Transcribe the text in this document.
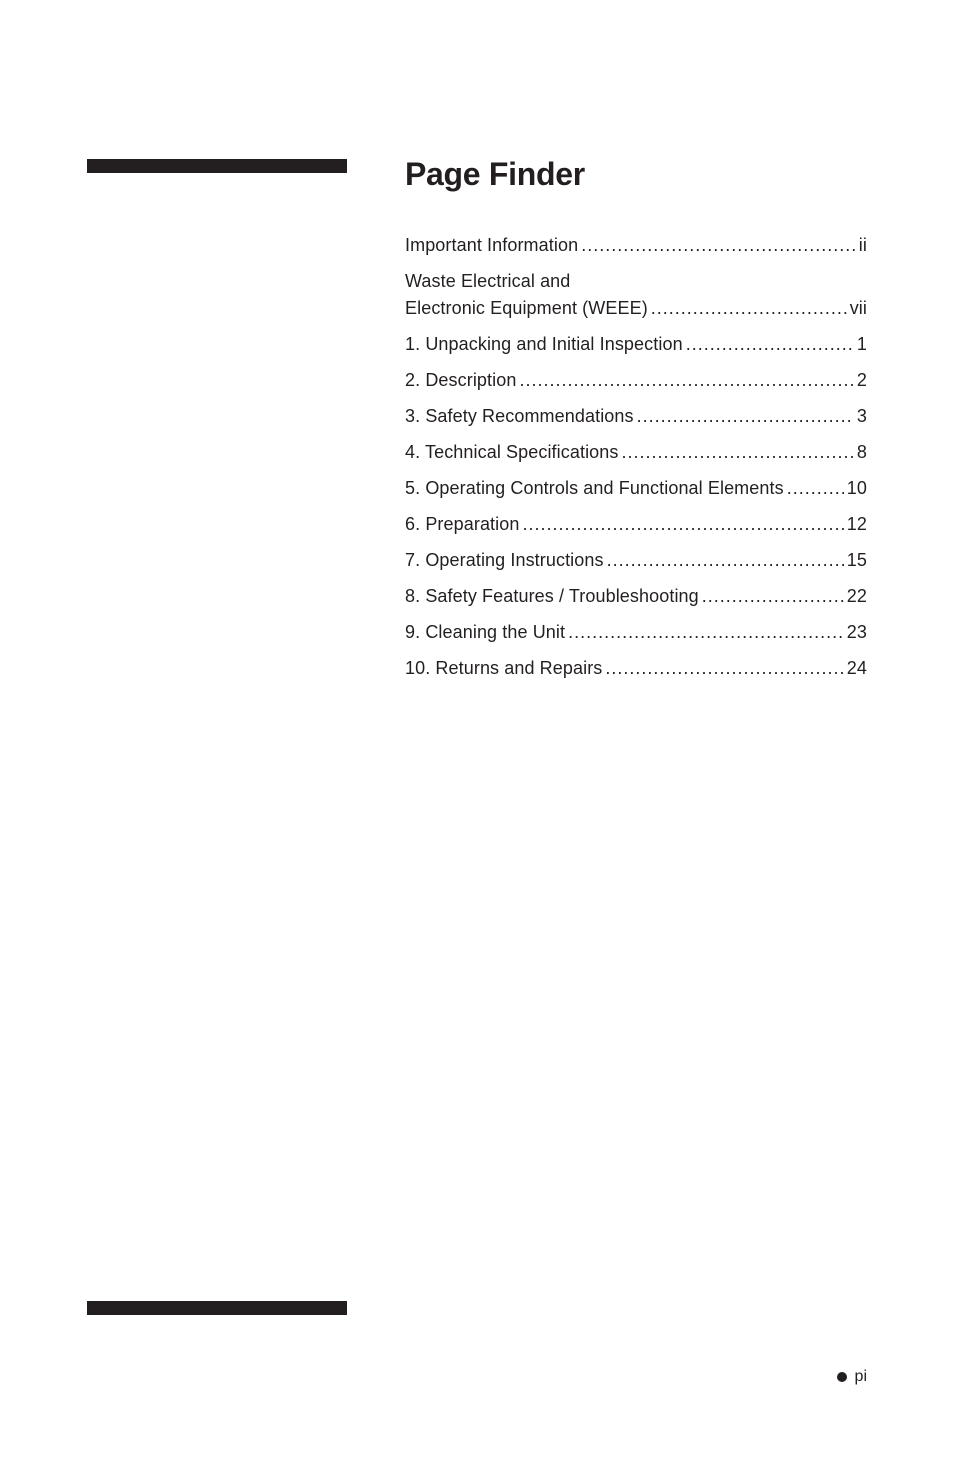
Page Finder
Important Information .....	ii
Waste Electrical and
Electronic Equipment (WEEE) .....	vii
1. Unpacking and Initial Inspection .....	1
2. Description .....	2
3. Safety Recommendations .....	3
4. Technical Specifications .....	8
5. Operating Controls and Functional Elements .....	10
6. Preparation .....	12
7. Operating Instructions .....	15
8. Safety Features / Troubleshooting .....	22
9. Cleaning the Unit .....	23
10. Returns and Repairs .....	24
pi
